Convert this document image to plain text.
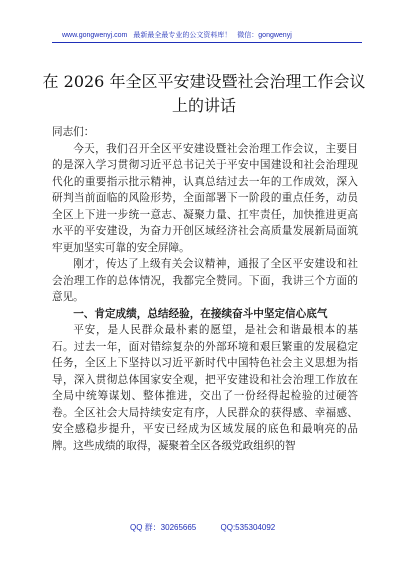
www.gongwenyj.com 最新最全最专业的公文资料库！ 微信：gongwenyj
在 2026 年全区平安建设暨社会治理工作会议
上的讲话

同志们：

今天，我们召开全区平安建设暨社会治理工作会议，主要目的是深入学习贯彻习近平总书记关于平安中国建设和社会治理现代化的重要指示批示精神，认真总结过去一年的工作成效，深入研判当前面临的风险形势，全面部署下一阶段的重点任务，动员全区上下进一步统一意志、凝聚力量、扛牢责任，加快推进更高水平的平安建设，为奋力开创区域经济社会高质量发展新局面筑牢更加坚实可靠的安全屏障。

刚才，传达了上级有关会议精神，通报了全区平安建设和社会治理工作的总体情况，我都完全赞同。下面，我讲三个方面的意见。

一、肯定成绩，总结经验，在接续奋斗中坚定信心底气

平安，是人民群众最朴素的愿望，是社会和谐最根本的基石。过去一年，面对错综复杂的外部环境和艰巨繁重的发展稳定任务，全区上下坚持以习近平新时代中国特色社会主义思想为指导，深入贯彻总体国家安全观，把平安建设和社会治理工作放在全局中统筹谋划、整体推进，交出了一份经得起检验的过硬答卷。全区社会大局持续安定有序，人民群众的获得感、幸福感、安全感稳步提升，平安已经成为区域发展的底色和最响亮的品牌。这些成绩的取得，凝聚着全区各级党政组织的智

QQ 群：30265665	QQ:535304092
